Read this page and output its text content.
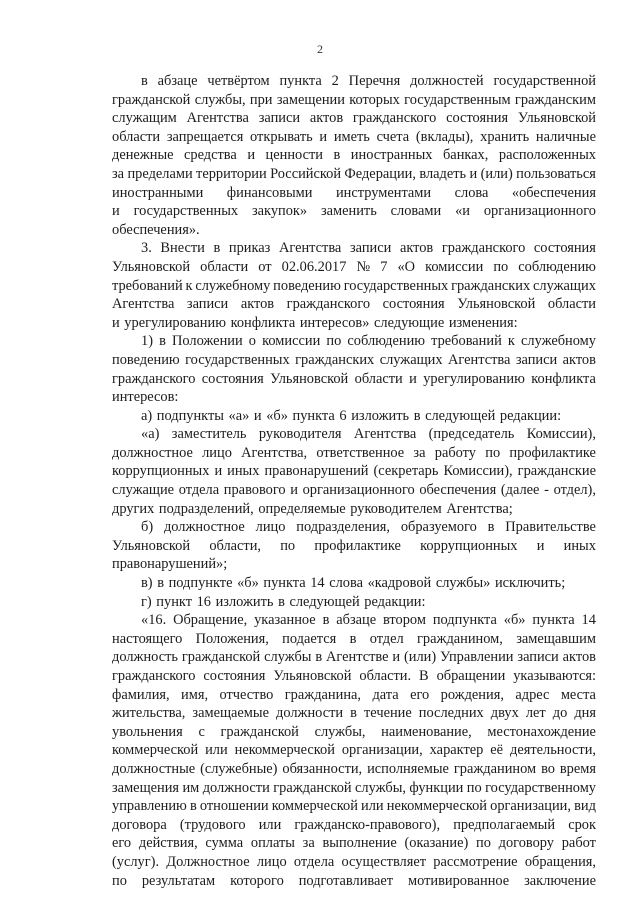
2
в абзаце четвёртом пункта 2 Перечня должностей государственной
гражданской службы, при замещении которых государственным гражданским
служащим Агентства записи актов гражданского состояния Ульяновской
области запрещается открывать и иметь счета (вклады), хранить наличные
денежные средства и ценности в иностранных банках, расположенных
за пределами территории Российской Федерации, владеть и (или) пользоваться
иностранными финансовыми инструментами слова «обеспечения
и государственных закупок» заменить словами «и организационного
обеспечения».
3. Внести в приказ Агентства записи актов гражданского состояния
Ульяновской области от 02.06.2017 № 7 «О комиссии по соблюдению
требований к служебному поведению государственных гражданских служащих
Агентства записи актов гражданского состояния Ульяновской области
и урегулированию конфликта интересов» следующие изменения:
1) в Положении о комиссии по соблюдению требований к служебному
поведению государственных гражданских служащих Агентства записи актов
гражданского состояния Ульяновской области и урегулированию конфликта
интересов:
а) подпункты «а» и «б» пункта 6 изложить в следующей редакции:
«а) заместитель руководителя Агентства (председатель Комиссии),
должностное лицо Агентства, ответственное за работу по профилактике
коррупционных и иных правонарушений (секретарь Комиссии), гражданские
служащие отдела правового и организационного обеспечения (далее - отдел),
других подразделений, определяемые руководителем Агентства;
б) должностное лицо подразделения, образуемого в Правительстве
Ульяновской области, по профилактике коррупционных и иных
правонарушений»;
в) в подпункте «б» пункта 14 слова «кадровой службы» исключить;
г) пункт 16 изложить в следующей редакции:
«16. Обращение, указанное в абзаце втором подпункта «б» пункта 14
настоящего Положения, подается в отдел гражданином, замещавшим
должность гражданской службы в Агентстве и (или) Управлении записи актов
гражданского состояния Ульяновской области. В обращении указываются:
фамилия, имя, отчество гражданина, дата его рождения, адрес места
жительства, замещаемые должности в течение последних двух лет до дня
увольнения с гражданской службы, наименование, местонахождение
коммерческой или некоммерческой организации, характер её деятельности,
должностные (служебные) обязанности, исполняемые гражданином во время
замещения им должности гражданской службы, функции по государственному
управлению в отношении коммерческой или некоммерческой организации, вид
договора (трудового или гражданско-правового), предполагаемый срок
его действия, сумма оплаты за выполнение (оказание) по договору работ
(услуг). Должностное лицо отдела осуществляет рассмотрение обращения,
по результатам которого подготавливает мотивированное заключение
